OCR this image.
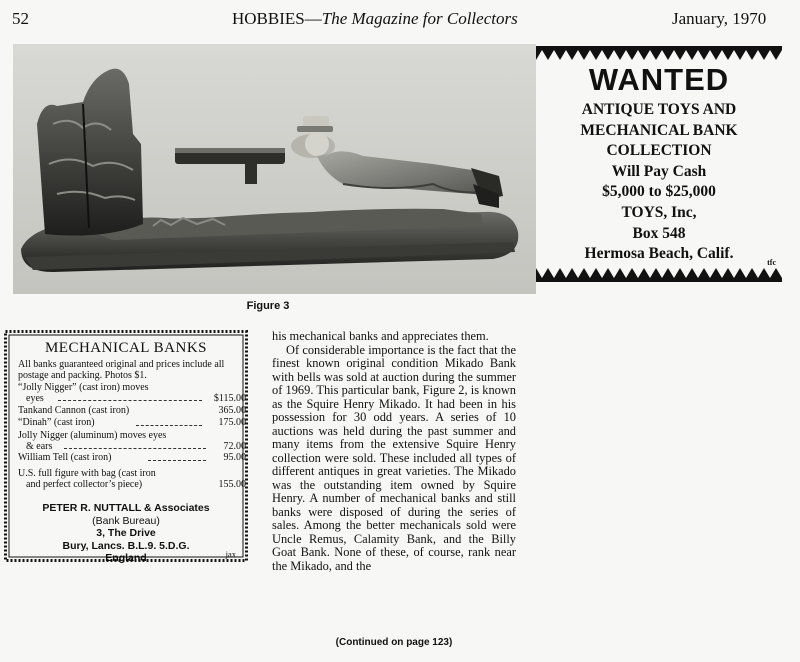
52	HOBBIES—The Magazine for Collectors	January, 1970
Figure 3
WANTED
ANTIQUE TOYS AND
MECHANICAL BANK
COLLECTION
Will Pay Cash
$5,000 to $25,000
TOYS, Inc,
Box 548
Hermosa Beach, Calif.
tfc
MECHANICAL BANKS
All banks guaranteed original and prices include all postage and packing. Photos $1.
“Jolly Nigger” (cast iron) moves
eyes	$115.00
Tankand Cannon (cast iron)	365.00
“Dinah” (cast iron)	175.00
Jolly Nigger (aluminum) moves eyes
& ears	72.00
William Tell (cast iron)	95.00
U.S. full figure with bag (cast iron
and perfect collector’s piece)	155.00
PETER R. NUTTALL & Associates
(Bank Bureau)
3, The Drive
Bury, Lancs. B.L.9. 5.D.G.
England	jax

his mechanical banks and appreciates them.

Of considerable importance is the fact that the finest known original condition Mikado Bank with bells was sold at auction during the summer of 1969. This particular bank, Figure 2, is known as the Squire Henry Mikado. It had been in his possession for 30 odd years. A series of 10 auctions was held during the past summer and many items from the extensive Squire Henry collection were sold. These included all types of different antiques in great varieties. The Mikado was the outstanding item owned by Squire Henry. A number of mechanical banks and still banks were disposed of during the series of sales. Among the better mechanicals sold were Uncle Remus, Calamity Bank, and the Billy Goat Bank. None of these, of course, rank near the Mikado, and the

(Continued on page 123)
